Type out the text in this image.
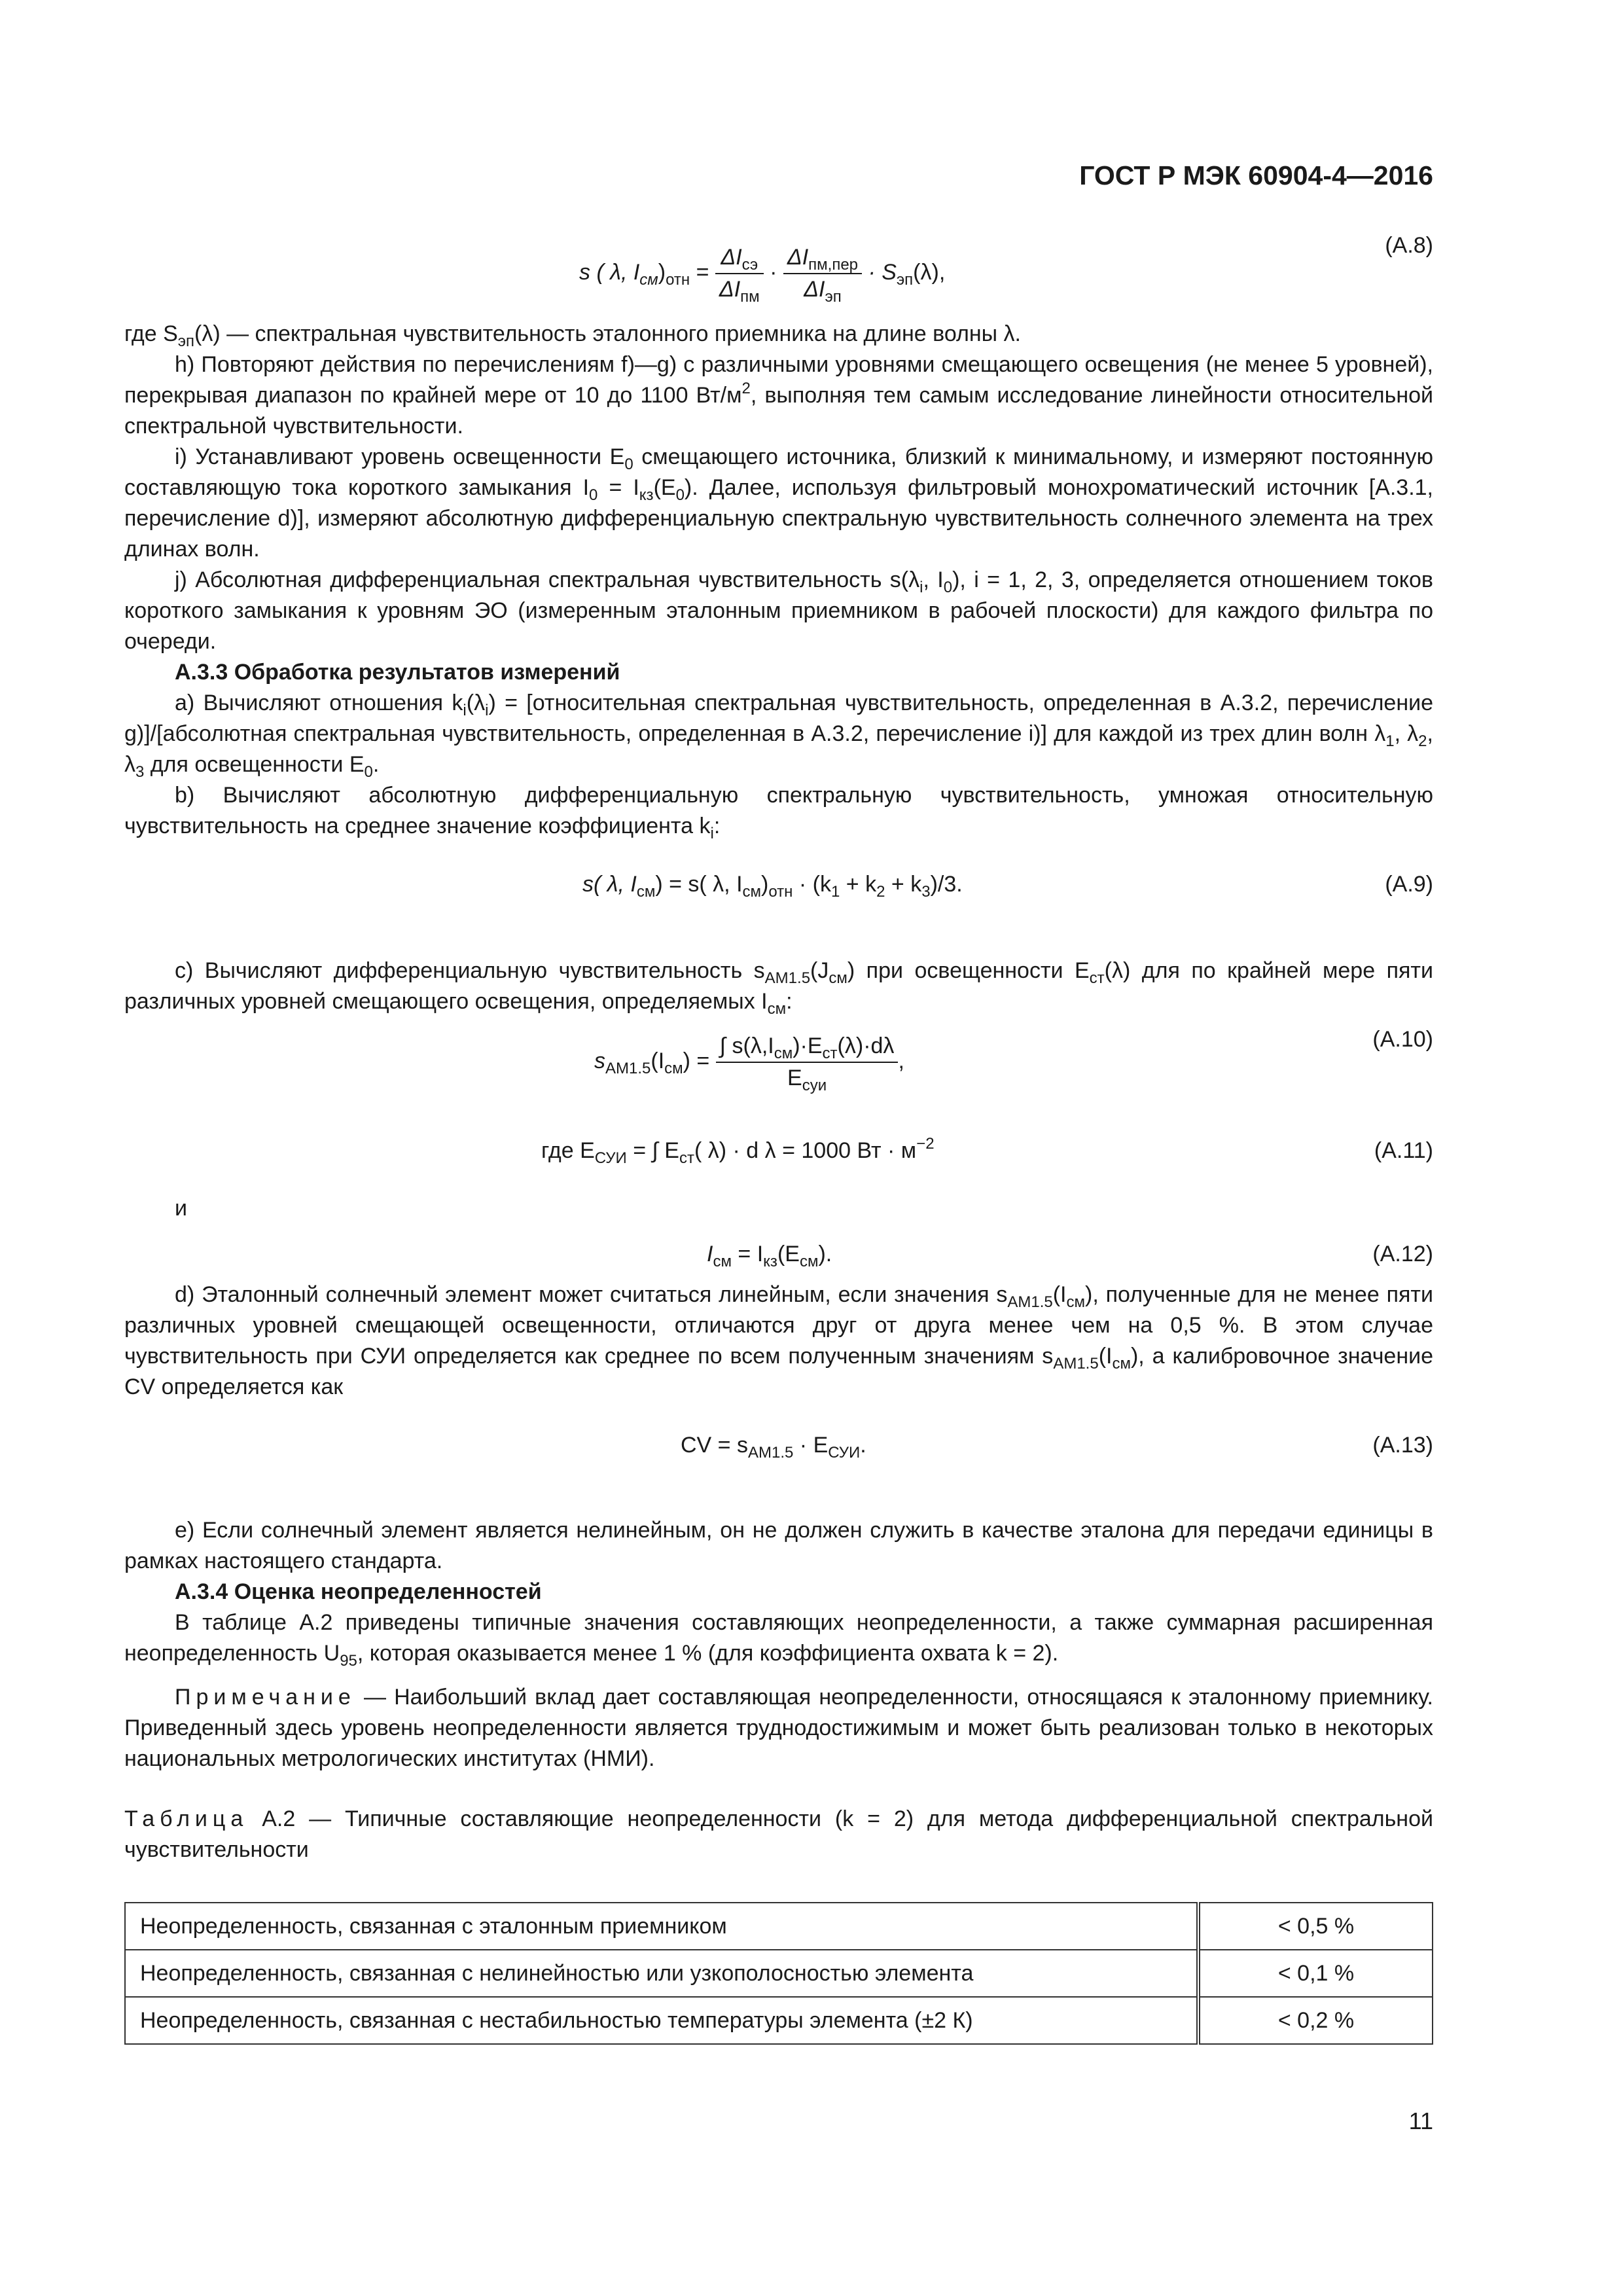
ГОСТ Р МЭК 60904-4—2016
s ( λ, $I_{см})_{отн} = \frac{\Delta I_{сэ}}{\Delta I_{пм}} \cdot \frac{\Delta I_{пм,пер}}{\Delta I_{эп}} \cdot S_{эп}(\lambda)$,
(А.8)

где $S_{эп}(\lambda)$ — спектральная чувствительность эталонного приемника на длине волны λ.

h) Повторяют действия по перечислениям f)—g) с различными уровнями смещающего освещения (не менее 5 уровней), перекрывая диапазон по крайней мере от 10 до 1100 $Вт/м^2$, выполняя тем самым исследование линейности относительной спектральной чувствительности.

i) Устанавливают уровень освещенности $E_0$ смещающего источника, близкий к минимальному, и измеряют постоянную составляющую тока короткого замыкания $I_0 = I_{кз}(E_0)$. Далее, используя фильтровый монохроматический источник [А.3.1, перечисление d)], измеряют абсолютную дифференциальную спектральную чувствительность солнечного элемента на трех длинах волн.

j) Абсолютная дифференциальная спектральная чувствительность $s(\lambda_i$, $I_0$), i = 1, 2, 3, определяется отношением токов короткого замыкания к уровням ЭО (измеренным эталонным приемником в рабочей плоскости) для каждого фильтра по очереди.

А.3.3 Обработка результатов измерений

a) Вычисляют отношения $k_i(\lambda_i)$ = [относительная спектральная чувствительность, определенная в А.3.2, перечисление g)]/[абсолютная спектральная чувствительность, определенная в А.3.2, перечисление i)] для каждой из трех длин волн $\lambda_1$, $\lambda_2$, $\lambda_3$ для освещенности $E_0$.

b) Вычисляют абсолютную дифференциальную спектральную чувствительность, умножая относительную чувствительность на среднее значение коэффициента $k_i$:

s( λ, $I_{см}) = s$( λ, $I_{см})_{отн} \cdot (k_1 + k_2 + k_3)/3$.	(А.9)

c) Вычисляют дифференциальную чувствительность $s_{AM1.5}(J_{см})$ при освещенности $E_{ст}(\lambda)$ для по крайней мере пяти различных уровней смещающего освещения, определяемых $I_{см}$:

$s_{AM1.5}(I_{см}) = \frac{\int s(\lambda,I_{см})\cdot E_{ст}(\lambda)\cdot d\lambda}{E_{суи}}$ ,
(А.10)
где $E_{СУИ}$ = ∫ $E_{ст}$( λ) · d λ = 1000 Вт · $м^{-2}$	(А.11)
и
$I_{см} = I_{кз}(E_{см})$.	(А.12)

d) Эталонный солнечный элемент может считаться линейным, если значения $s_{AM1.5}(I_{см})$, полученные для не менее пяти различных уровней смещающей освещенности, отличаются друг от друга менее чем на 0,5 %. В этом случае чувствительность при СУИ определяется как среднее по всем полученным значениям $s_{AM1.5}(I_{см})$, а калибровочное значение CV определяется как

CV = $s_{AM1.5} \cdot E_{СУИ}$.	(А.13)

e) Если солнечный элемент является нелинейным, он не должен служить в качестве эталона для передачи единицы в рамках настоящего стандарта.

А.3.4 Оценка неопределенностей

В таблице А.2 приведены типичные значения составляющих неопределенности, а также суммарная расширенная неопределенность $U_{95}$, которая оказывается менее 1 % (для коэффициента охвата k = 2).

Примечание — Наибольший вклад дает составляющая неопределенности, относящаяся к эталонному приемнику. Приведенный здесь уровень неопределенности является труднодостижимым и может быть реализован только в некоторых национальных метрологических институтах (НМИ).

Таблица А.2 — Типичные составляющие неопределенности (k = 2) для метода дифференциальной спектральной чувствительности

Неопределенность, связанная с эталонным приемником	< 0,5 %
Неопределенность, связанная с нелинейностью или узкополосностью элемента	< 0,1 %
Неопределенность, связанная с нестабильностью температуры элемента (±2 К)	< 0,2 %
11
